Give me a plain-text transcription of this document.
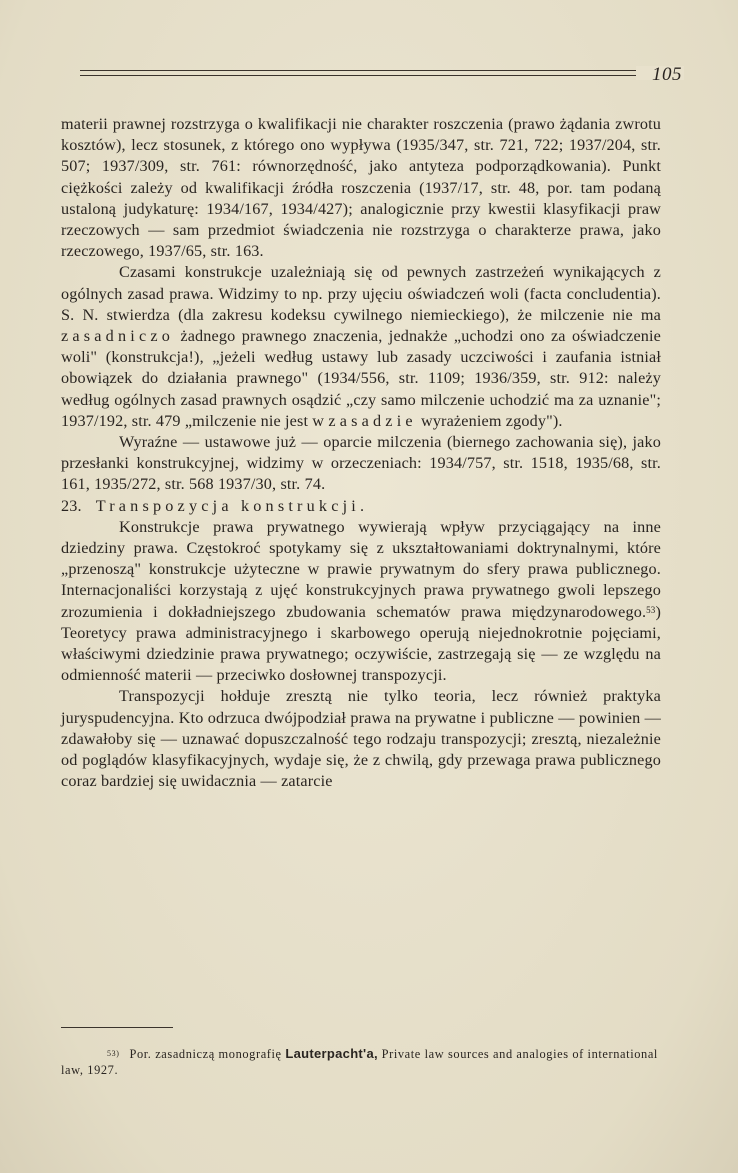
105

materii prawnej rozstrzyga o kwalifikacji nie charakter roszczenia (prawo żądania zwrotu kosztów), lecz stosunek, z którego ono wypływa (1935/347, str. 721, 722; 1937/204, str. 507; 1937/309, str. 761: równorzędność, jako antyteza podporządkowania). Punkt ciężkości zależy od kwalifikacji źródła roszczenia (1937/17, str. 48, por. tam podaną ustaloną judykaturę: 1934/167, 1934/427); analogicznie przy kwestii klasyfikacji praw rzeczowych — sam przedmiot świadczenia nie rozstrzyga o charakterze prawa, jako rzeczowego, 1937/65, str. 163.

Czasami konstrukcje uzależniają się od pewnych zastrzeżeń wynikających z ogólnych zasad prawa. Widzimy to np. przy ujęciu oświadczeń woli (facta concludentia). S. N. stwierdza (dla zakresu kodeksu cywilnego niemieckiego), że milczenie nie ma zasadniczo żadnego prawnego znaczenia, jednakże „uchodzi ono za oświadczenie woli" (konstrukcja!), „jeżeli według ustawy lub zasady uczciwości i zaufania istniał obowiązek do działania prawnego" (1934/556, str. 1109; 1936/359, str. 912: należy według ogólnych zasad prawnych osądzić „czy samo milczenie uchodzić ma za uznanie"; 1937/192, str. 479 „milczenie nie jest w zasadzie wyrażeniem zgody").

Wyraźne — ustawowe już — oparcie milczenia (biernego zachowania się), jako przesłanki konstrukcyjnej, widzimy w orzeczeniach: 1934/757, str. 1518, 1935/68, str. 161, 1935/272, str. 568 1937/30, str. 74.

23. Transpozycja konstrukcji.

Konstrukcje prawa prywatnego wywierają wpływ przyciągający na inne dziedziny prawa. Częstokroć spotykamy się z ukształtowaniami doktrynalnymi, które „przenoszą" konstrukcje użyteczne w prawie prywatnym do sfery prawa publicznego. Internacjonaliści korzystają z ujęć konstrukcyjnych prawa prywatnego gwoli lepszego zrozumienia i dokładniejszego zbudowania schematów prawa międzynarodowego.$^{53}$) Teoretycy prawa administracyjnego i skarbowego operują niejednokrotnie pojęciami, właściwymi dziedzinie prawa prywatnego; oczywiście, zastrzegają się — ze względu na odmienność materii — przeciwko dosłownej transpozycji.

Transpozycji hołduje zresztą nie tylko teoria, lecz również praktyka juryspudencyjna. Kto odrzuca dwójpodział prawa na prywatne i publiczne — powinien — zdawałoby się — uznawać dopuszczalność tego rodzaju transpozycji; zresztą, niezależnie od poglądów klasyfikacyjnych, wydaje się, że z chwilą, gdy przewaga prawa publicznego coraz bardziej się uwidacznia — zatarcie

$^{53)}$ Por. zasadniczą monografię Lauterpacht'a, Private law sources and analogies of international law, 1927.
